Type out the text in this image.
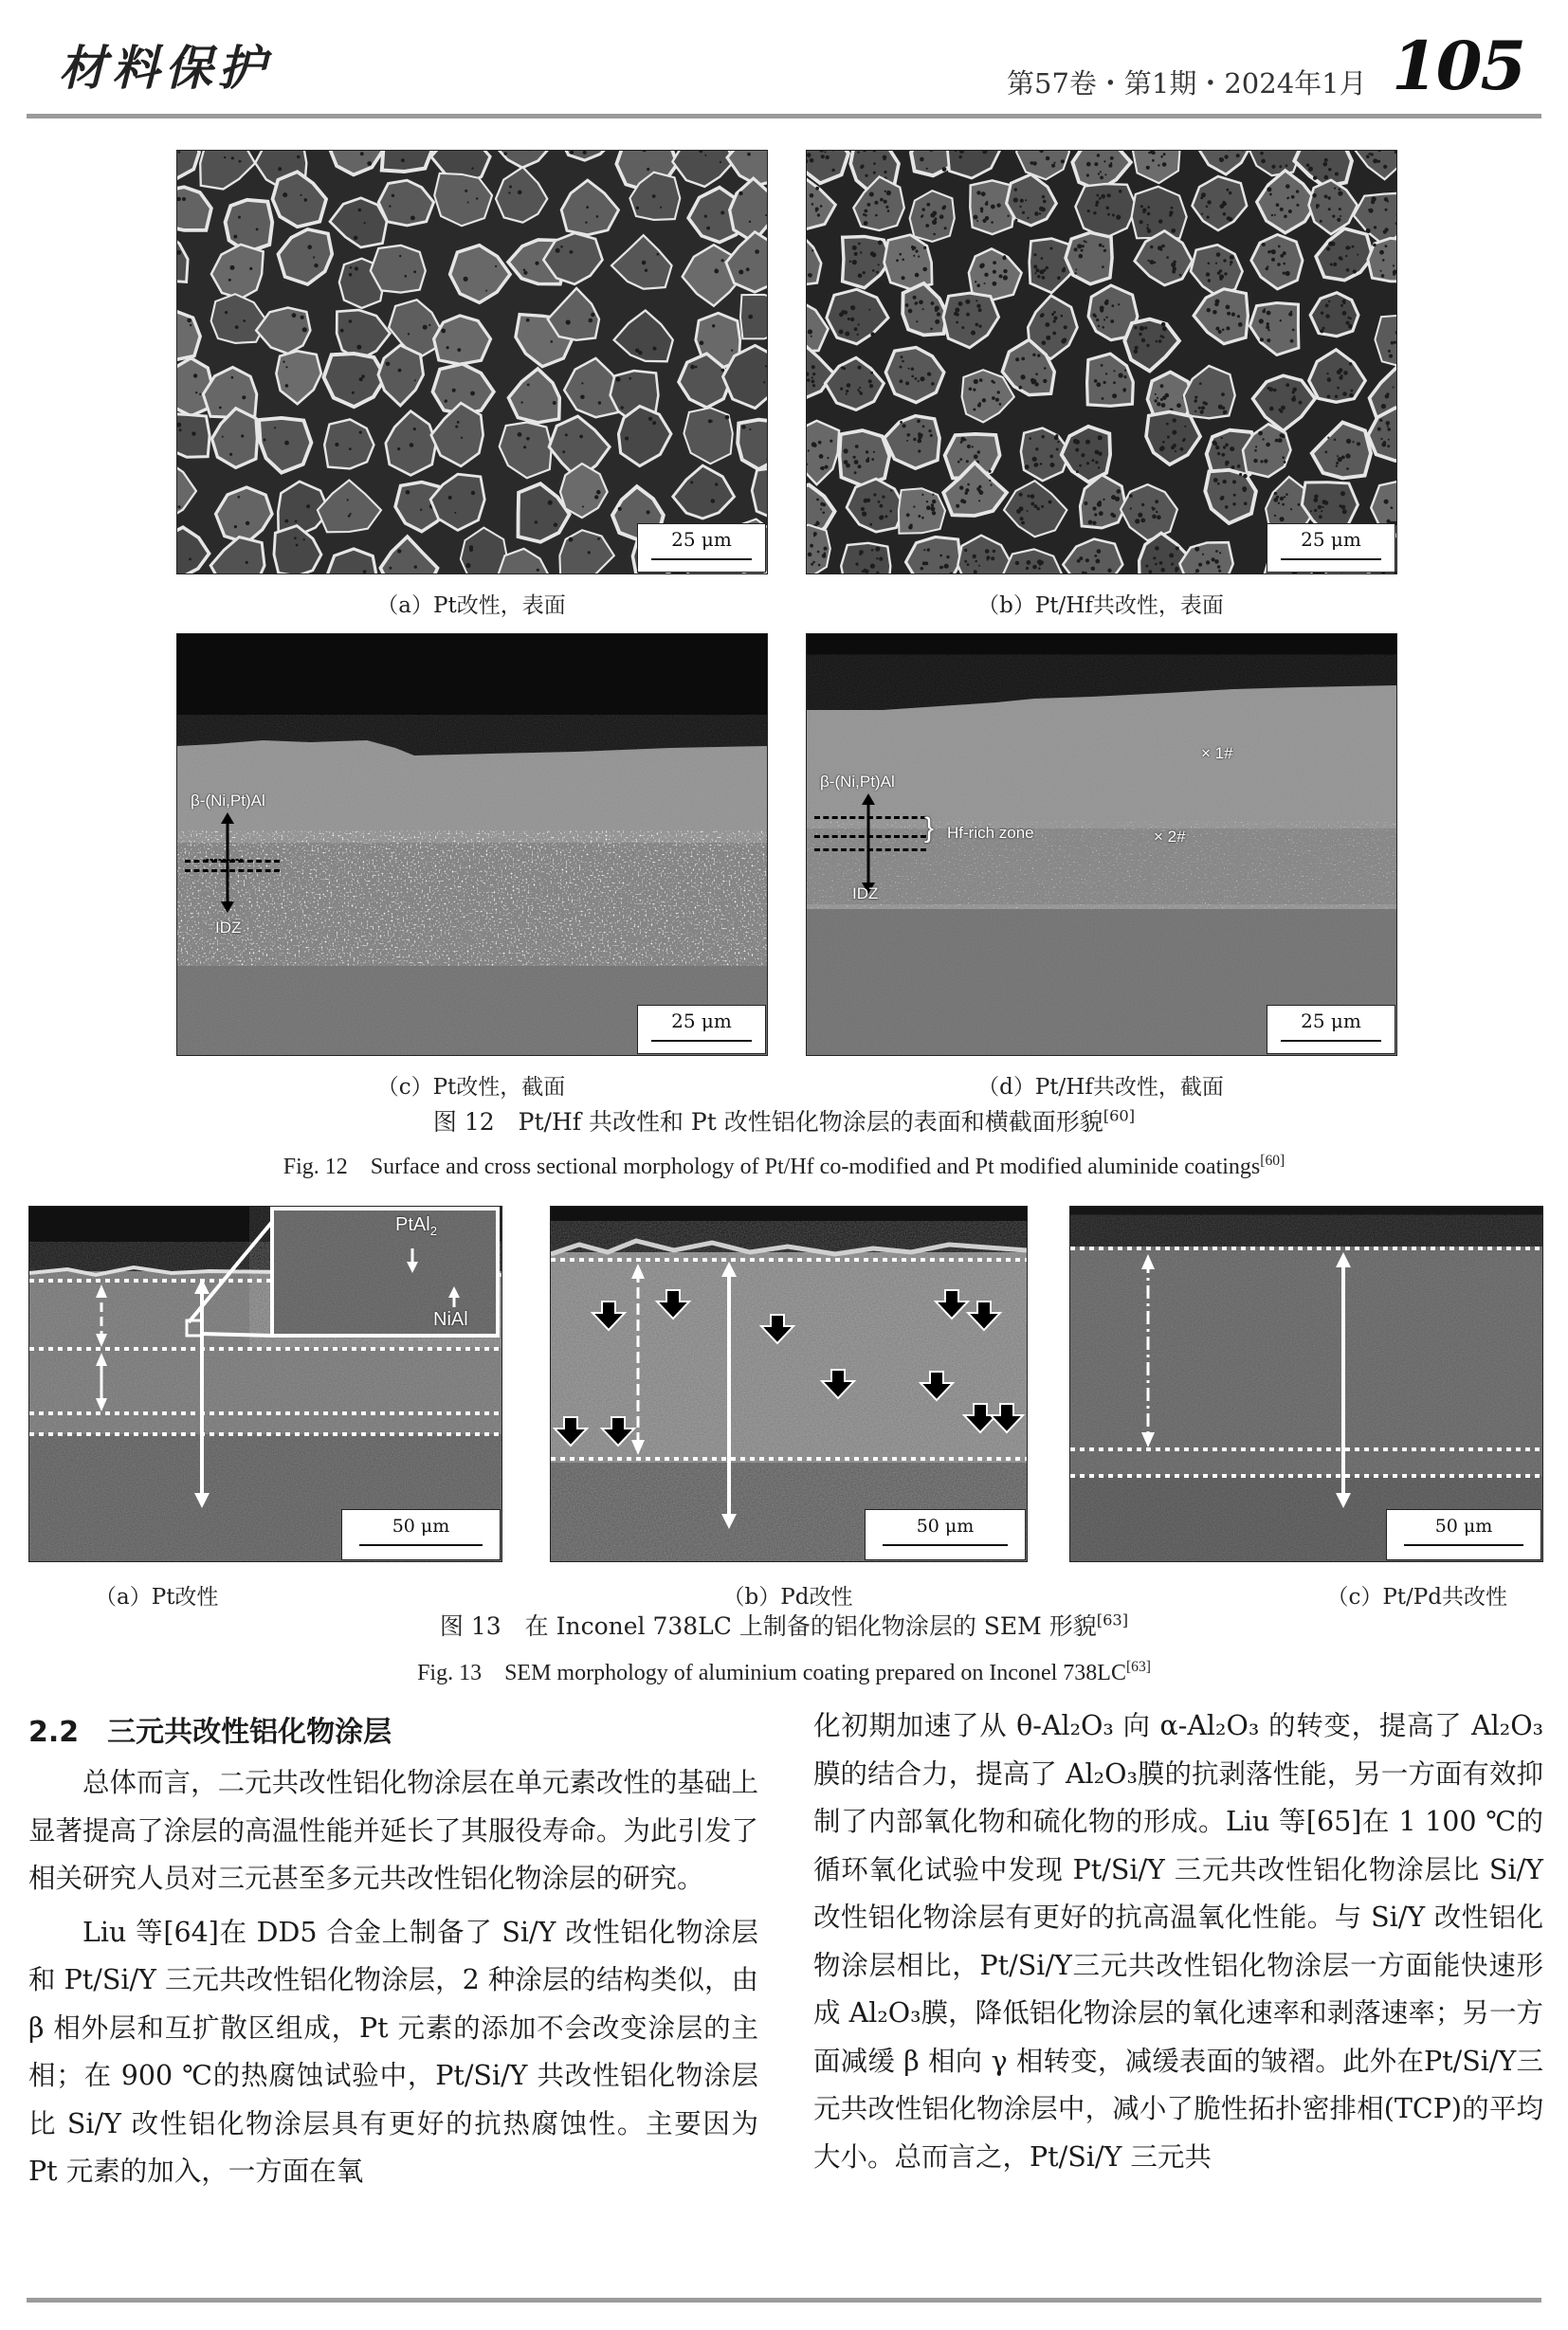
材料保护	第57卷・第1期・2024年1月 105
25 μm
（a）Pt改性，表面
25 μm
（b）Pt/Hf共改性，表面
β-(Ni,Pt)Al
IDZ
25 μm
（c）Pt改性，截面
β-(Ni,Pt)Al
} Hf-rich zone
IDZ
× 1#
× 2#
25 μm
（d）Pt/Hf共改性，截面
图 12　Pt/Hf 共改性和 Pt 改性铝化物涂层的表面和横截面形貌[60]
Fig. 12　Surface and cross sectional morphology of Pt/Hf co-modified and Pt modified aluminide coatings[60]
PtAl$_2$
NiAl
50 μm
（a）Pt改性
50 μm
（b）Pd改性
50 μm
（c）Pt/Pd共改性
图 13　在 Inconel 738LC 上制备的铝化物涂层的 SEM 形貌[63]
Fig. 13　SEM morphology of aluminium coating prepared on Inconel 738LC[63]
2.2　三元共改性铝化物涂层

总体而言，二元共改性铝化物涂层在单元素改性的基础上显著提高了涂层的高温性能并延长了其服役寿命。为此引发了相关研究人员对三元甚至多元共改性铝化物涂层的研究。

Liu 等[64]在 DD5 合金上制备了 Si/Y 改性铝化物涂层和 Pt/Si/Y 三元共改性铝化物涂层，2 种涂层的结构类似，由 β 相外层和互扩散区组成，Pt 元素的添加不会改变涂层的主相；在 900 ℃的热腐蚀试验中，Pt/Si/Y 共改性铝化物涂层比 Si/Y 改性铝化物涂层具有更好的抗热腐蚀性。主要因为 Pt 元素的加入，一方面在氧

化初期加速了从 θ-Al₂O₃ 向 α-Al₂O₃ 的转变，提高了 Al₂O₃膜的结合力，提高了 Al₂O₃膜的抗剥落性能，另一方面有效抑制了内部氧化物和硫化物的形成。Liu 等[65]在 1 100 ℃的循环氧化试验中发现 Pt/Si/Y 三元共改性铝化物涂层比 Si/Y 改性铝化物涂层有更好的抗高温氧化性能。与 Si/Y 改性铝化物涂层相比，Pt/Si/Y三元共改性铝化物涂层一方面能快速形成 Al₂O₃膜，降低铝化物涂层的氧化速率和剥落速率；另一方面减缓 β 相向 γ 相转变，减缓表面的皱褶。此外在Pt/Si/Y三元共改性铝化物涂层中，减小了脆性拓扑密排相(TCP)的平均大小。总而言之，Pt/Si/Y 三元共
